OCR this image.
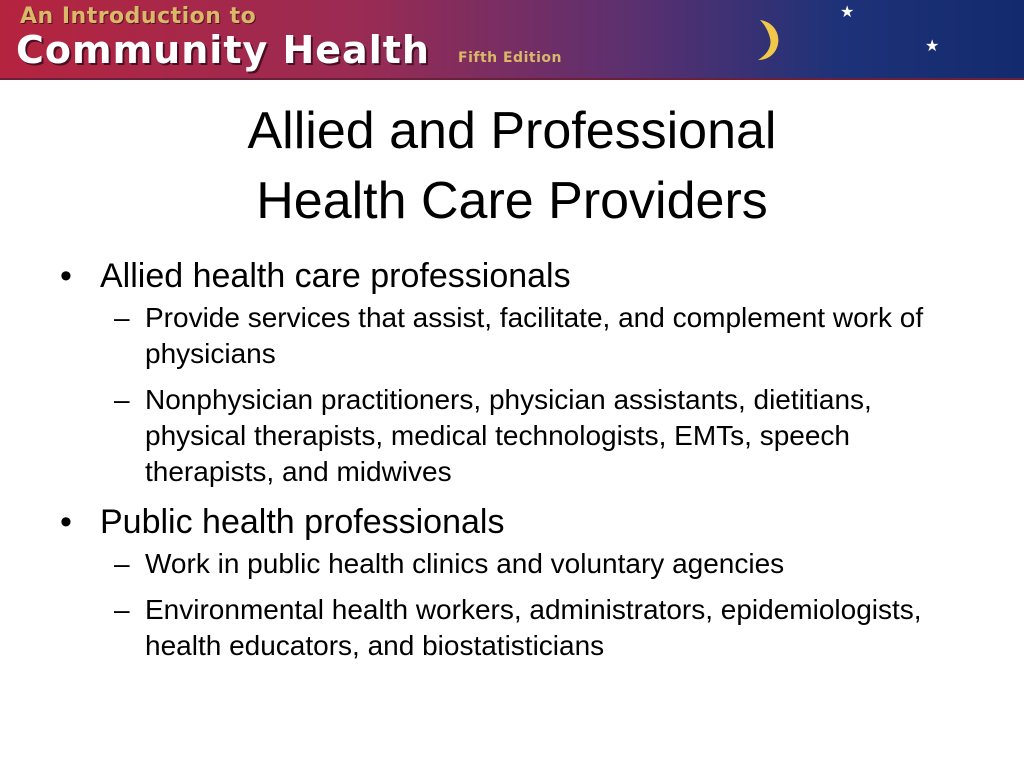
An Introduction to
Community Health Fifth Edition
★
★
Allied and Professional
Health Care Providers
• Allied health care professionals
– Provide services that assist, facilitate, and complement work of physicians
– Nonphysician practitioners, physician assistants, dietitians, physical therapists, medical technologists, EMTs, speech therapists, and midwives
• Public health professionals
– Work in public health clinics and voluntary agencies
– Environmental health workers, administrators, epidemiologists, health educators, and biostatisticians
